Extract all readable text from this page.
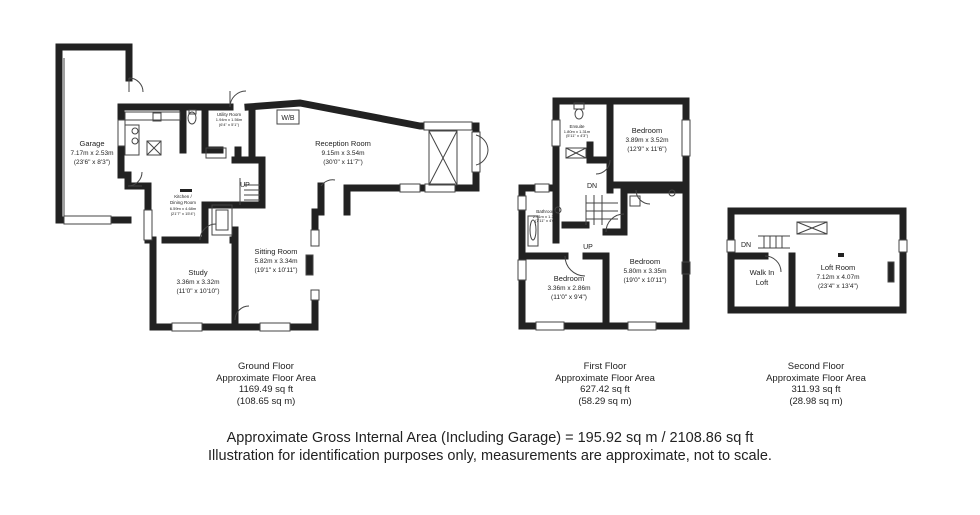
Garage
7.17m x 2.53m
(23'6" x 8'3")
Utility Room
1.94m x 1.56m
(6'4" x 5'1")
W/B
Reception Room
9.15m x 3.54m
(30'0" x 11'7")
Kitchen /
Dining Room
6.59m x 4.68m
(21'7" x 15'4")
UP
Study
3.36m x 3.32m
(11'0" x 10'10")
Sitting Room
5.82m x 3.34m
(19'1" x 10'11")
Ensuite
1.80m x 1.31m
(5'11" x 4'3")
Bedroom
3.89m x 3.52m
(12'9" x 11'6")
Bathroom
2.41m x 1.38m
(7'11" x 4'6")
DN
UP
Bedroom
5.80m x 3.35m
(19'0" x 10'11")
Bedroom
3.36m x 2.86m
(11'0" x 9'4")
DN
Walk In
Loft
Loft Room
7.12m x 4.07m
(23'4" x 13'4")
Ground Floor
Approximate Floor Area
1169.49 sq ft
(108.65 sq m)
First Floor
Approximate Floor Area
627.42 sq ft
(58.29 sq m)
Second Floor
Approximate Floor Area
311.93 sq ft
(28.98 sq m)
Approximate Gross Internal Area (Including Garage) = 195.92 sq m / 2108.86 sq ft
Illustration for identification purposes only, measurements are approximate, not to scale.
